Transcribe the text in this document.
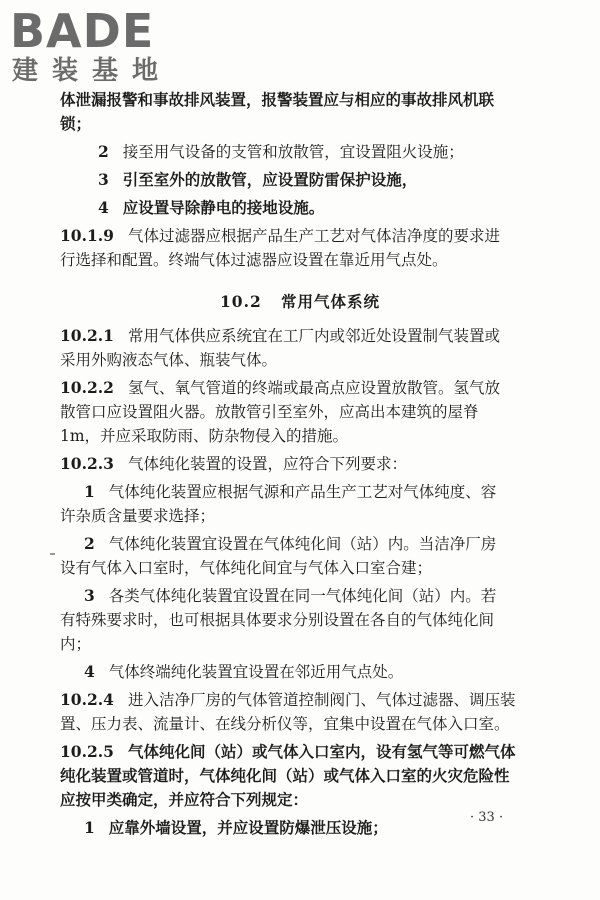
BADE
建装基地

体泄漏报警和事故排风装置，报警装置应与相应的事故排风机联
锁；

2 接至用气设备的支管和放散管，宜设置阻火设施；

3 引至室外的放散管，应设置防雷保护设施，

4 应设置导除静电的接地设施。

10.1.9 气体过滤器应根据产品生产工艺对气体洁净度的要求进
行选择和配置。终端气体过滤器应设置在靠近用气点处。

10.2 常用气体系统

10.2.1 常用气体供应系统宜在工厂内或邻近处设置制气装置或
采用外购液态气体、瓶装气体。

10.2.2 氢气、氧气管道的终端或最高点应设置放散管。氢气放
散管口应设置阻火器。放散管引至室外，应高出本建筑的屋脊
1m，并应采取防雨、防杂物侵入的措施。

10.2.3 气体纯化装置的设置，应符合下列要求：

1 气体纯化装置应根据气源和产品生产工艺对气体纯度、容
许杂质含量要求选择；

2 气体纯化装置宜设置在气体纯化间（站）内。当洁净厂房
设有气体入口室时，气体纯化间宜与气体入口室合建；

3 各类气体纯化装置宜设置在同一气体纯化间（站）内。若
有特殊要求时，也可根据具体要求分别设置在各自的气体纯化间
内；

4 气体终端纯化装置宜设置在邻近用气点处。

10.2.4 进入洁净厂房的气体管道控制阀门、气体过滤器、调压装
置、压力表、流量计、在线分析仪等，宜集中设置在气体入口室。

10.2.5 气体纯化间（站）或气体入口室内，设有氢气等可燃气体
纯化装置或管道时，气体纯化间（站）或气体入口室的火灾危险性
应按甲类确定，并应符合下列规定：

1 应靠外墙设置，并应设置防爆泄压设施；

· 33 ·
